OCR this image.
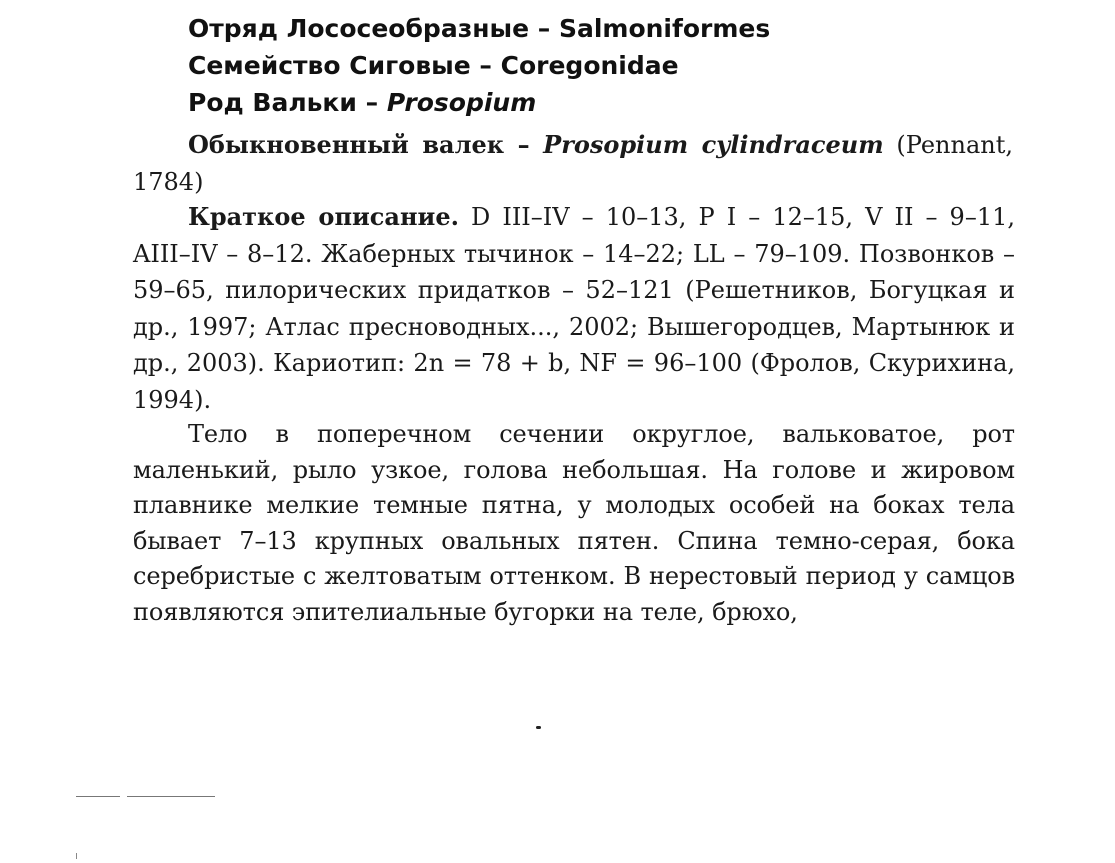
Отряд Лососеобразные – Salmoniformes
Семейство Сиговые – Coregonidae
Род Вальки – Prosopium
Обыкновенный валек – Prosopium cylindraceum (Pennant, 1784)
Краткое описание. D III–IV – 10–13, P I – 12–15, V II – 9–11, AIII–IV – 8–12. Жаберных тычинок – 14–22; LL – 79–109. Позвонков – 59–65, пилорических придатков – 52–121 (Решетников, Богуцкая и др., 1997; Атлас пресноводных..., 2002; Вышегородцев, Мартынюк и др., 2003). Кариотип: 2n = 78 + b, NF = 96–100 (Фролов, Скурихина, 1994).
Тело в поперечном сечении округлое, вальковатое, рот маленький, рыло узкое, голова небольшая. На голове и жировом плавнике мелкие темные пятна, у молодых особей на боках тела бывает 7–13 крупных овальных пятен. Спина темно-серая, бока серебристые с желтоватым оттенком. В нерестовый период у самцов появляются эпителиальные бугорки на теле, брюхо,
